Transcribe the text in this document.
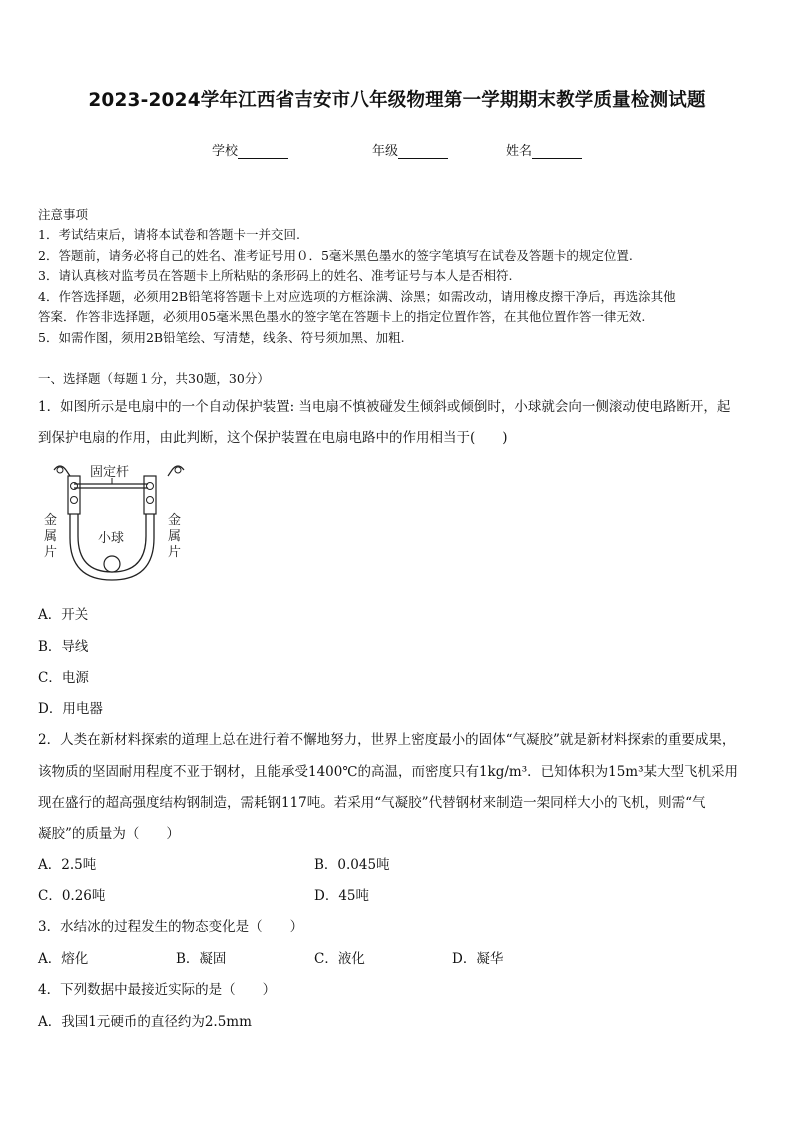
2023-2024学年江西省吉安市八年级物理第一学期期末教学质量检测试题
学校	年级	姓名
注意事项
1．考试结束后，请将本试卷和答题卡一并交回.
2．答题前，请务必将自己的姓名、准考证号用０．5毫米黑色墨水的签字笔填写在试卷及答题卡的规定位置.
3．请认真核对监考员在答题卡上所粘贴的条形码上的姓名、准考证号与本人是否相符.
4．作答选择题，必须用2B铅笔将答题卡上对应选项的方框涂满、涂黑；如需改动，请用橡皮擦干净后，再选涂其他
答案．作答非选择题，必须用05毫米黑色墨水的签字笔在答题卡上的指定位置作答，在其他位置作答一律无效.
5．如需作图，须用2B铅笔绘、写清楚，线条、符号须加黑、加粗.
一、选择题（每题１分，共30题，30分）
1．如图所示是电扇中的一个自动保护装置: 当电扇不慎被碰发生倾斜或倾倒时，小球就会向一侧滚动使电路断开，起
到保护电扇的作用，由此判断，这个保护装置在电扇电路中的作用相当于(　　)
固定杆
小球
金
属
片
金
属
片
A．开关
B．导线
C．电源
D．用电器
2．人类在新材料探索的道理上总在进行着不懈地努力，世界上密度最小的固体“气凝胶”就是新材料探索的重要成果，
该物质的坚固耐用程度不亚于钢材，且能承受1400℃的高温，而密度只有1kg/m³．已知体积为15m³某大型飞机采用
现在盛行的超高强度结构钢制造，需耗钢117吨。若采用“气凝胶”代替钢材来制造一架同样大小的飞机，则需“气
凝胶”的质量为（　　）
A．2.5吨	B．0.045吨
C．0.26吨	D．45吨
3．水结冰的过程发生的物态变化是（　　）
A．熔化	B．凝固	C．液化	D．凝华
4．下列数据中最接近实际的是（　　）
A．我国1元硬币的直径约为2.5mm
